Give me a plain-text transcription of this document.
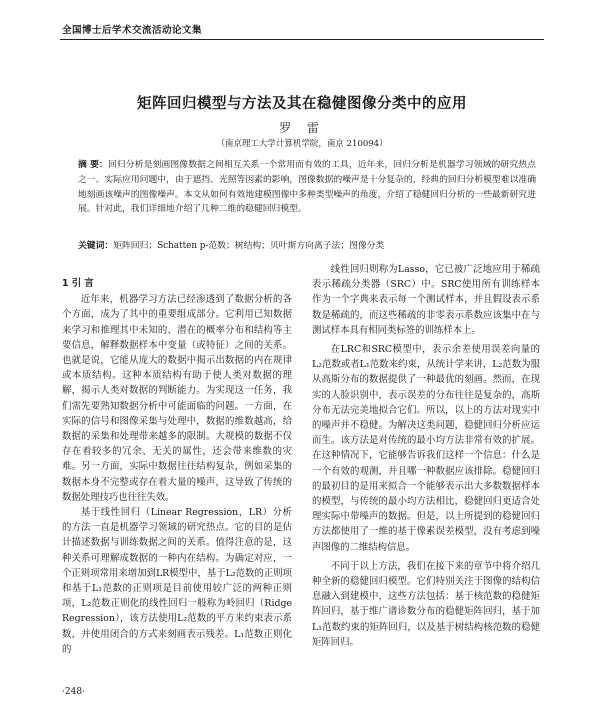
全国博士后学术交流活动论文集
矩阵回归模型与方法及其在稳健图像分类中的应用
罗 雷
（南京理工大学计算机学院，南京 210094）
摘 要：回归分析是刻画图像数据之间相互关系一个常用而有效的工具，近年来，回归分析是机器学习领域的研究热点之一。实际应用问题中，由于遮挡、光照等因素的影响，图像数据的噪声是十分复杂的，经典的回归分析模型难以准确地刻画该噪声的图像噪声。本文从如何有效地建模图像中多种类型噪声的角度，介绍了稳健回归分析的一些最新研究进展。针对此，我们详细地介绍了几种二维的稳健回归模型。
关键词：矩阵回归；Schatten p-范数；树结构；贝叶斯方向离子法；图像分类

1 引 言

近年来，机器学习方法已经渗透到了数据分析的各个方面，成为了其中的重要组成部分。它利用已知数据来学习和推理其中未知的、潜在的概率分布和结构等主要信息，解释数据样本中变量（或特征）之间的关系。也就是说，它能从庞大的数据中揭示出数据的内在规律或本质结构。这种本质结构有助于使人类对数据的理解，揭示人类对数据的判断能力。为实现这一任务，我们需先要熟知数据分析中可能面临的问题。一方面，在实际的信号和图像采集与处理中，数据的维数越高，给数据的采集和处理带来越多的限制。大规模的数据不仅存在着较多的冗余、无关的属性，还会带来维数的灾难。另一方面，实际中数据往往结构复杂，例如采集的数据本身不完整或存在着大量的噪声，这导致了传统的数据处理技巧也往往失效。

基于线性回归（Linear Regression，LR）分析的方法一直是机器学习领域的研究热点。它的目的是估计描述数据与训练数据之间的关系。值得注意的是，这种关系可理解成数据的一种内在结构。为确定对应，一个正则项常用来增加到LR模型中，基于L₂范数的正则项和基于L₁范数的正则项是目前使用较广泛的两种正则项，L₂范数正则化的线性回归一般称为岭回归（Ridge Regression），该方法使用L₂范数的平方来约束表示系数，并使用闭合的方式来刻画表示残差。L₁范数正则化的

线性回归则称为Lasso，它已被广泛地应用于稀疏表示稀疏分类器（SRC）中。SRC使用所有训练样本作为一个字典来表示每一个测试样本，并且假设表示系数是稀疏的，而这些稀疏的非零表示系数应该集中在与测试样本具有相同类标签的训练样本上。

在LRC和SRC模型中，表示余差使用误差向量的L₂范数或者L₁范数来约束，从统计学来讲，L₂范数为服从高斯分布的数据提供了一种最优的刻画。然而，在现实的人脸识别中，表示误差的分布往往是复杂的，高斯分布无法完美地拟合它们。所以，以上的方法对现实中的噪声并不稳健。为解决这类问题，稳健回归分析应运而生。该方法是对传统的最小均方法非常有效的扩展。在这种情况下，它能够告诉我们这样一个信息：什么是一个有效的观测，并且哪一种数据应该排除。稳健回归的最初目的是用来拟合一个能够表示出大多数数据样本的模型，与传统的最小均方法相比，稳健回归更适合处理实际中带噪声的数据。但是，以上所提到的稳健回归方法都使用了一维的基于像素误差模型，没有考虑到噪声图像的二维结构信息。

不同于以上方法，我们在接下来的章节中将介绍几种全新的稳健回归模型。它们特别关注于图像的结构信息融入到建模中，这些方法包括：基于核范数的稳健矩阵回归，基于维广谱诊数分布的稳健矩阵回归，基于加L₁范数约束的矩阵回归，以及基于树结构核范数的稳健矩阵回归。

·248·
